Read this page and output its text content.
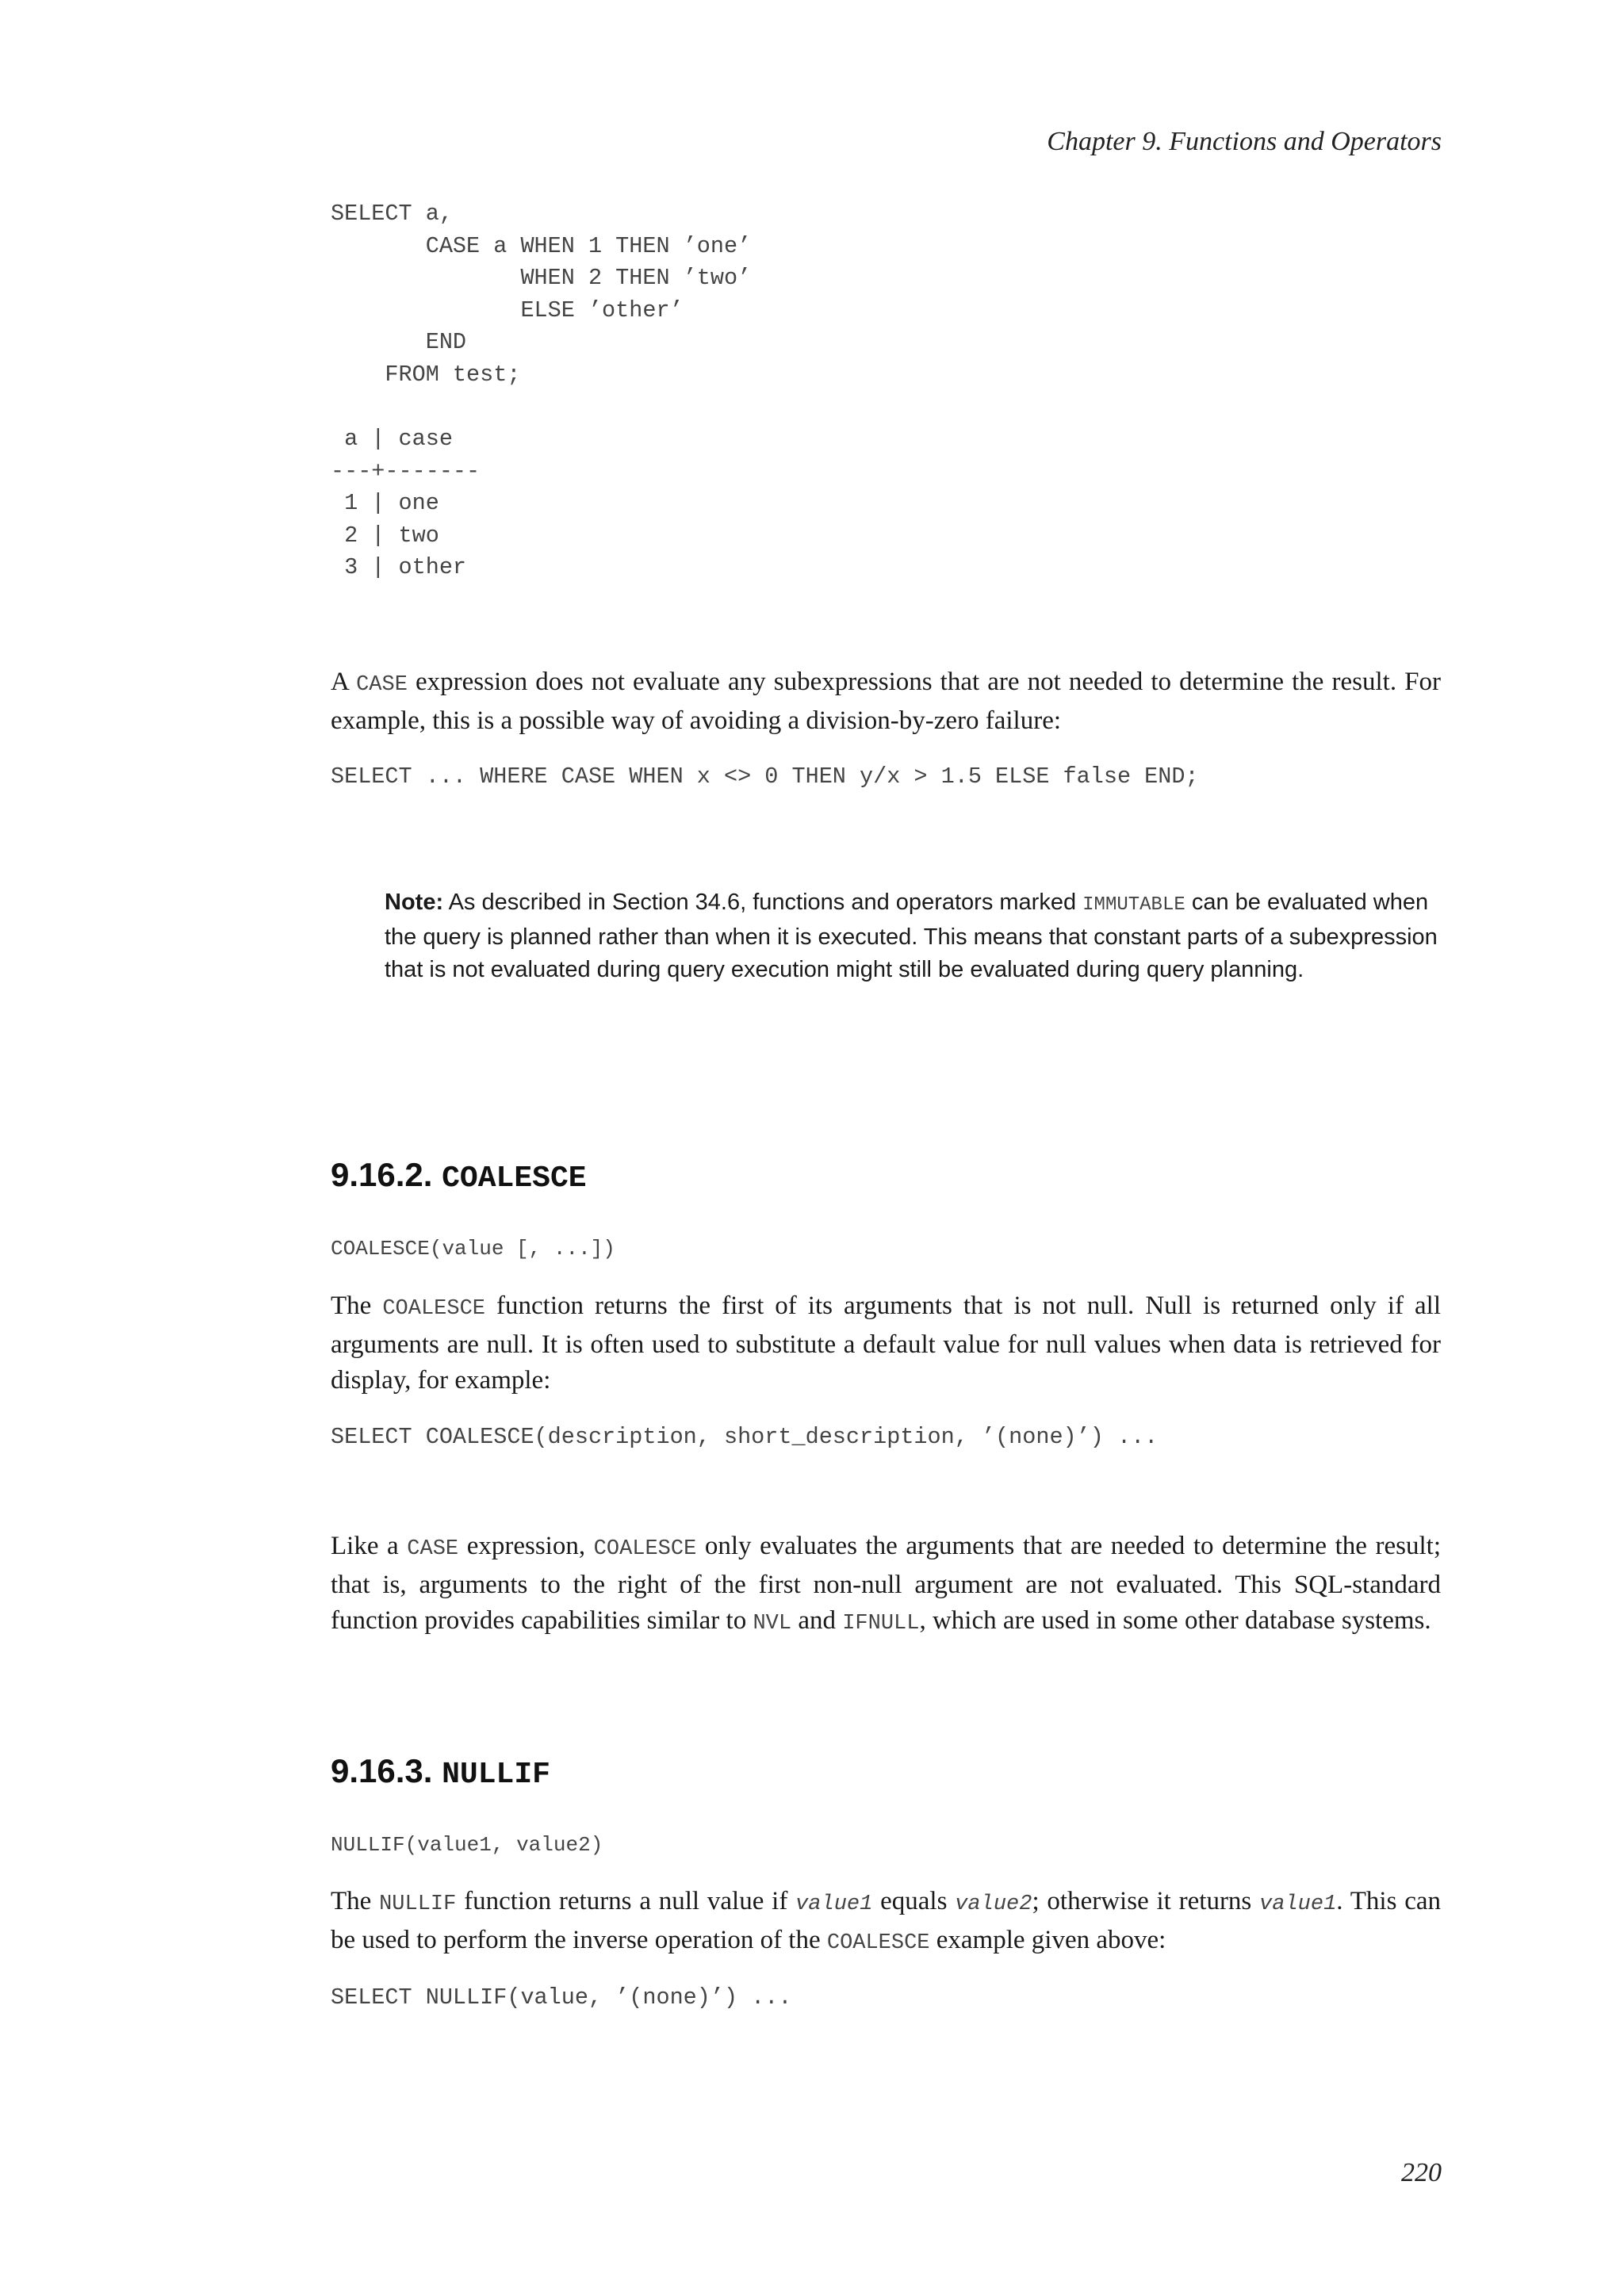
Chapter 9. Functions and Operators
SELECT a,
CASE a WHEN 1 THEN ’one’
WHEN 2 THEN ’two’
ELSE ’other’
END
FROM test;
a | case
---+-------
1 | one
2 | two
3 | other

A CASE expression does not evaluate any subexpressions that are not needed to determine the result. For example, this is a possible way of avoiding a division-by-zero failure:

SELECT ... WHERE CASE WHEN x <> 0 THEN y/x > 1.5 ELSE false END;
Note: As described in Section 34.6, functions and operators marked IMMUTABLE can be evaluated when the query is planned rather than when it is executed. This means that constant parts of a subexpression that is not evaluated during query execution might still be evaluated during query planning.
9.16.2. COALESCE
COALESCE(value [, ...])

The COALESCE function returns the first of its arguments that is not null. Null is returned only if all arguments are null. It is often used to substitute a default value for null values when data is retrieved for display, for example:

SELECT COALESCE(description, short_description, ’(none)’) ...

Like a CASE expression, COALESCE only evaluates the arguments that are needed to determine the result; that is, arguments to the right of the first non-null argument are not evaluated. This SQL-standard function provides capabilities similar to NVL and IFNULL, which are used in some other database systems.

9.16.3. NULLIF
NULLIF(value1, value2)

The NULLIF function returns a null value if value1 equals value2; otherwise it returns value1. This can be used to perform the inverse operation of the COALESCE example given above:

SELECT NULLIF(value, ’(none)’) ...
220
